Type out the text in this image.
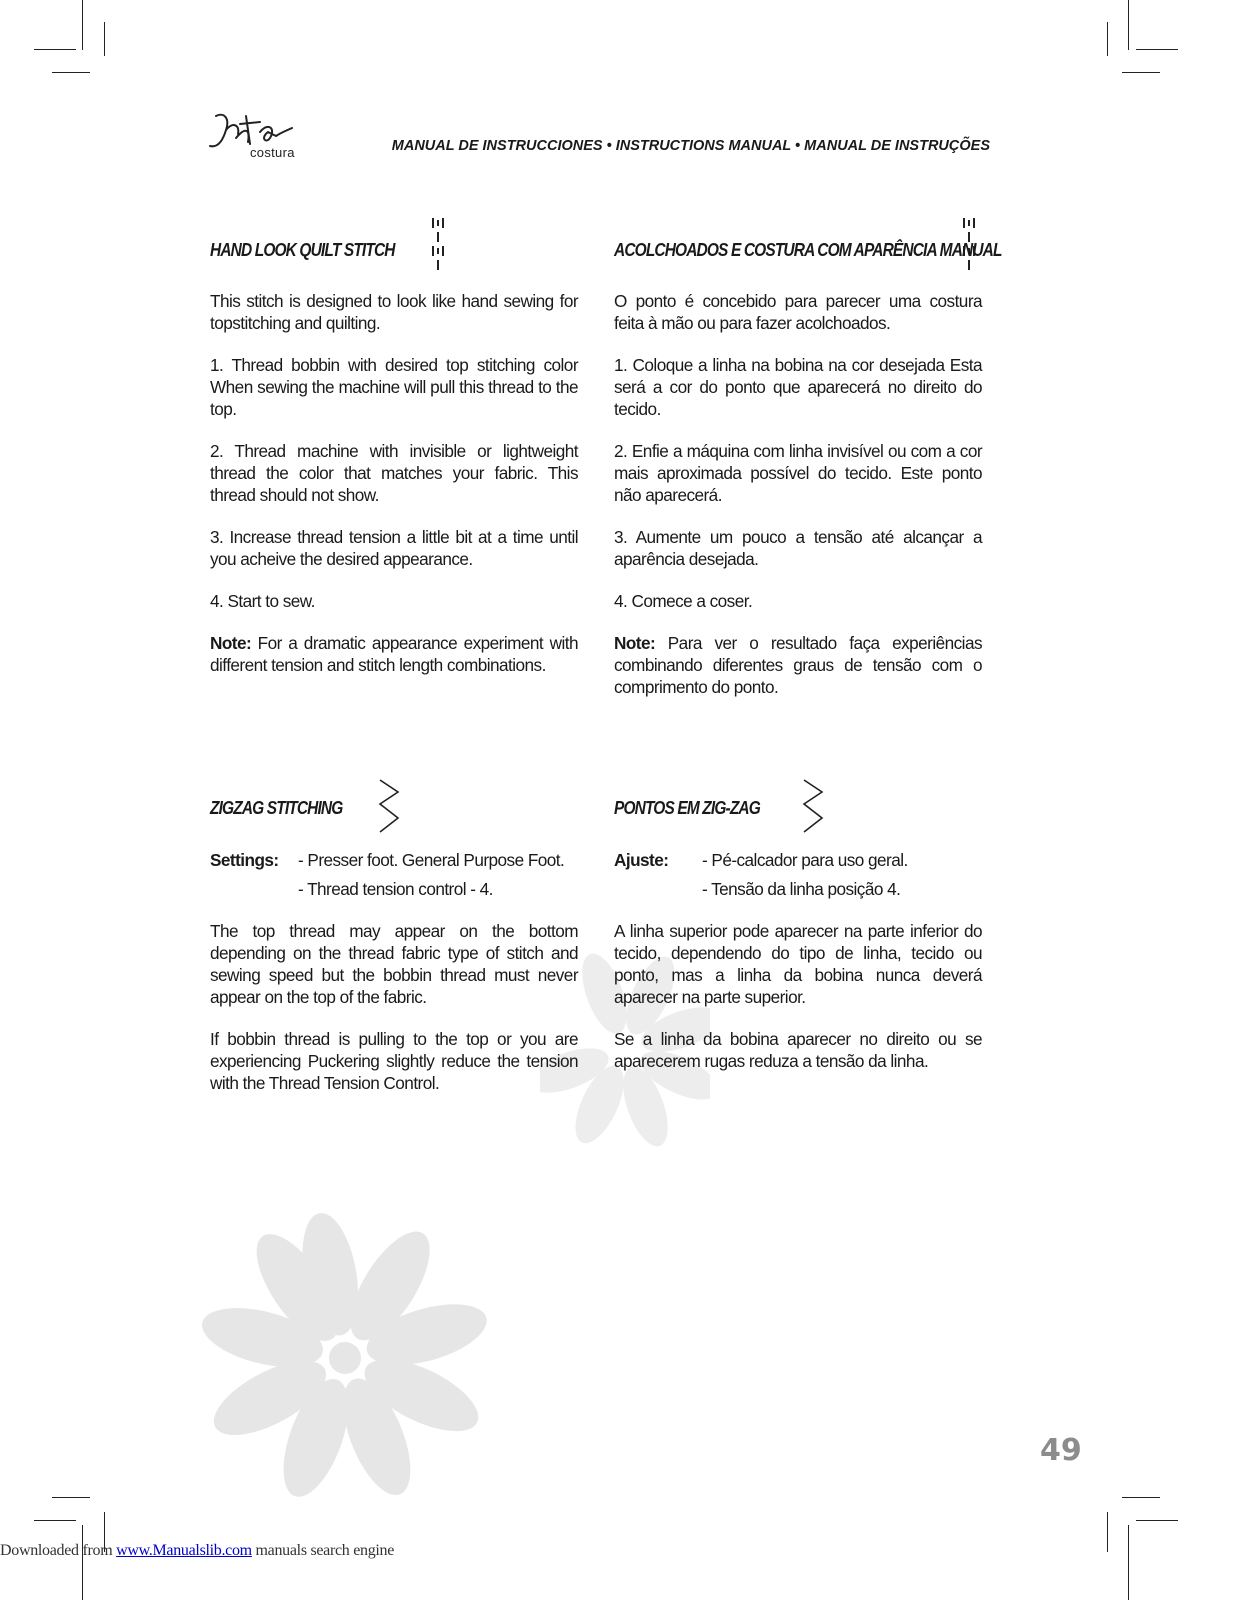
costura	MANUAL DE INSTRUCCIONES • INSTRUCTIONS MANUAL • MANUAL DE INSTRUÇÕES
HAND LOOK QUILT STITCH

This stitch is designed to look like hand sewing for topstitching and quilting.

1. Thread bobbin with desired top stitching color When sewing the machine will pull this thread to the top.

2. Thread machine with invisible or lightweight thread the color that matches your fabric. This thread should not show.

3. Increase thread tension a little bit at a time until you acheive the desired appearance.

4. Start to sew.

Note: For a dramatic appearance experiment with different tension and stitch length combinations.

ACOLCHOADOS E COSTURA COM APARÊNCIA MANUAL

O ponto é concebido para parecer uma costura feita à mão ou para fazer acolchoados.

1. Coloque a linha na bobina na cor desejada Esta será a cor do ponto que aparecerá no direito do tecido.

2. Enfie a máquina com linha invisível ou com a cor mais aproximada possível do tecido. Este ponto não aparecerá.

3. Aumente um pouco a tensão até alcançar a aparência desejada.

4. Comece a coser.

Note: Para ver o resultado faça experiências combinando diferentes graus de tensão com o comprimento do ponto.

ZIGZAG STITCHING
Settings:	- Presser foot. General Purpose Foot.
- Thread tension control - 4.

The top thread may appear on the bottom depending on the thread fabric type of stitch and sewing speed but the bobbin thread must never appear on the top of the fabric.

If bobbin thread is pulling to the top or you are experiencing Puckering slightly reduce the tension with the Thread Tension Control.

PONTOS EM ZIG-ZAG
Ajuste:	- Pé-calcador para uso geral.
- Tensão da linha posição 4.

A linha superior pode aparecer na parte inferior do tecido, dependendo do tipo de linha, tecido ou ponto, mas a linha da bobina nunca deverá aparecer na parte superior.

Se a linha da bobina aparecer no direito ou se aparecerem rugas reduza a tensão da linha.

49
Downloaded from www.Manualslib.com manuals search engine
